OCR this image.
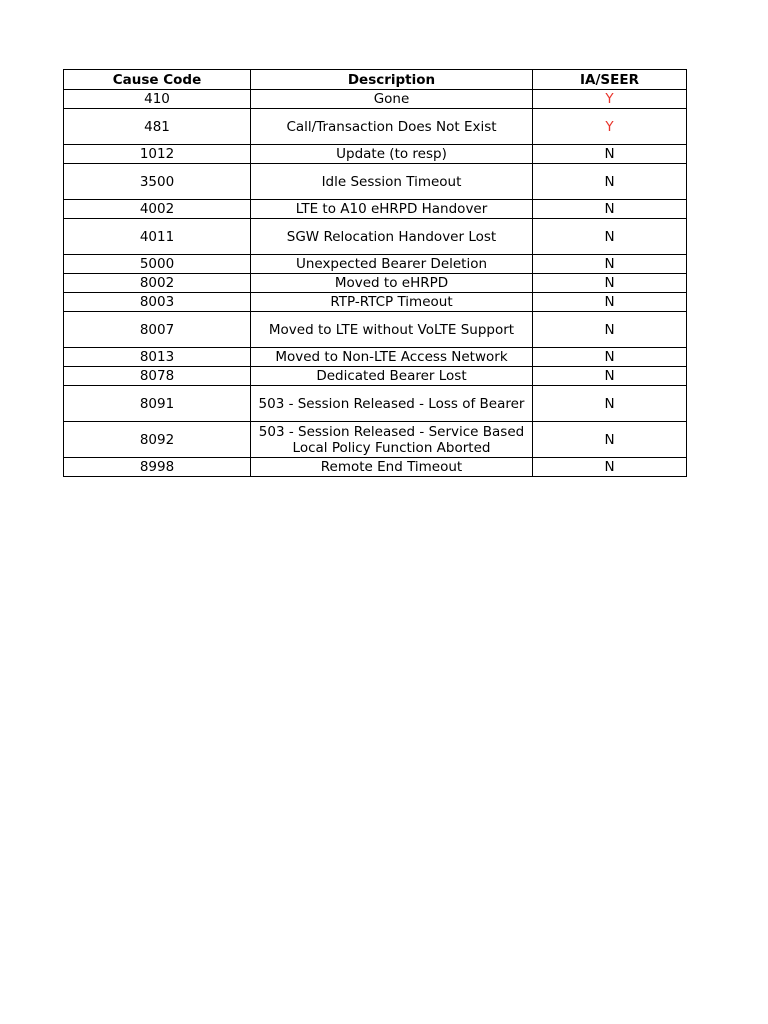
Cause Code	Description	IA/SEER
410	Gone	Y
481	Call/Transaction Does Not Exist	Y
1012	Update (to resp)	N
3500	Idle Session Timeout	N
4002	LTE to A10 eHRPD Handover	N
4011	SGW Relocation Handover Lost	N
5000	Unexpected Bearer Deletion	N
8002	Moved to eHRPD	N
8003	RTP-RTCP Timeout	N
8007	Moved to LTE without VoLTE Support	N
8013	Moved to Non-LTE Access Network	N
8078	Dedicated Bearer Lost	N
8091	503 - Session Released - Loss of Bearer	N
8092	503 - Session Released - Service Based Local Policy Function Aborted	N
8998	Remote End Timeout	N
